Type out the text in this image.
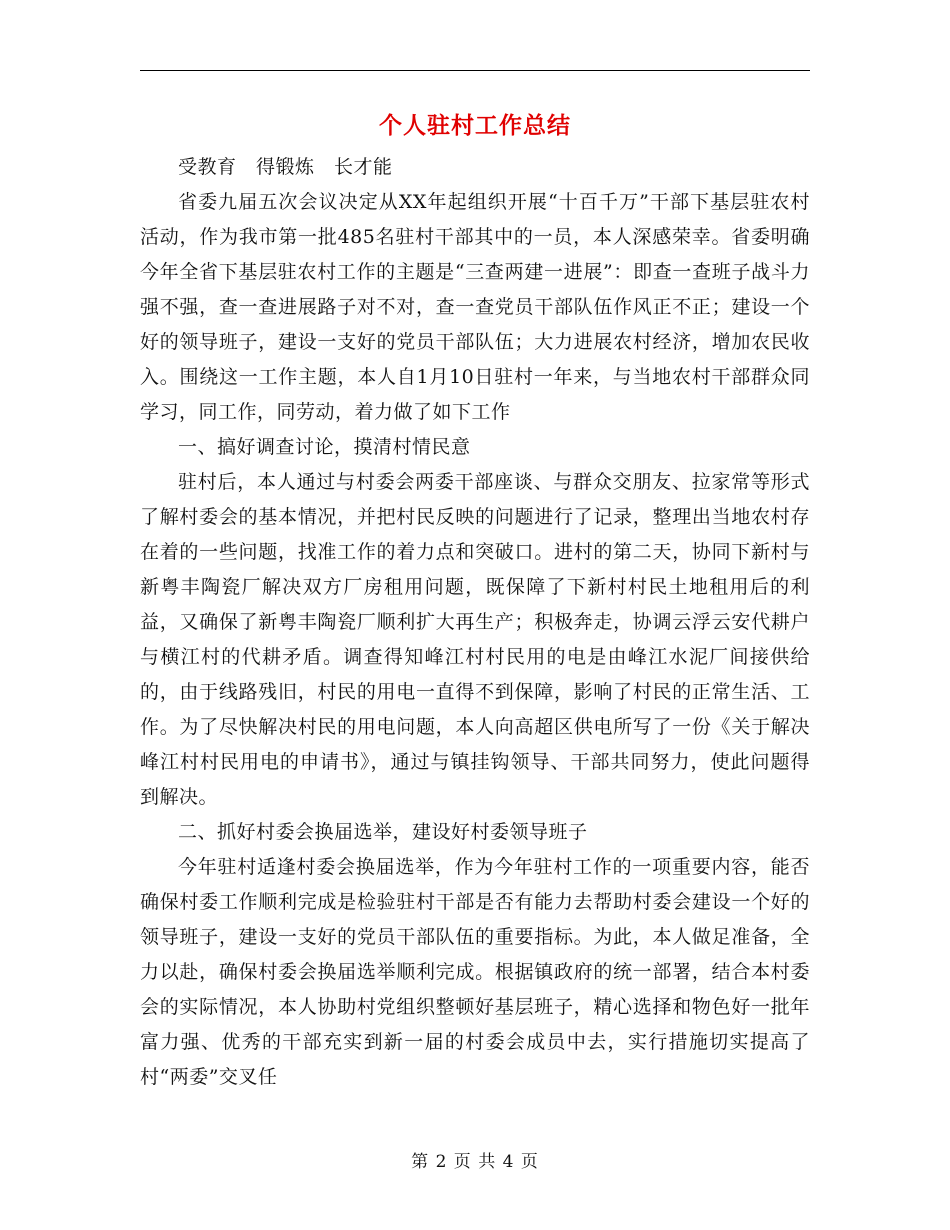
个人驻村工作总结

受教育　得锻炼　长才能

省委九届五次会议决定从XX年起组织开展“十百千万”干部下基层驻农村活动，作为我市第一批485名驻村干部其中的一员，本人深感荣幸。省委明确今年全省下基层驻农村工作的主题是“三查两建一进展”：即查一查班子战斗力强不强，查一查进展路子对不对，查一查党员干部队伍作风正不正；建设一个好的领导班子，建设一支好的党员干部队伍；大力进展农村经济，增加农民收入。围绕这一工作主题，本人自1月10日驻村一年来，与当地农村干部群众同学习，同工作，同劳动，着力做了如下工作

一、搞好调查讨论，摸清村情民意

驻村后，本人通过与村委会两委干部座谈、与群众交朋友、拉家常等形式了解村委会的基本情况，并把村民反映的问题进行了记录，整理出当地农村存在着的一些问题，找准工作的着力点和突破口。进村的第二天，协同下新村与新粤丰陶瓷厂解决双方厂房租用问题，既保障了下新村村民土地租用后的利益，又确保了新粤丰陶瓷厂顺利扩大再生产；积极奔走，协调云浮云安代耕户与横江村的代耕矛盾。调查得知峰江村村民用的电是由峰江水泥厂间接供给的，由于线路残旧，村民的用电一直得不到保障，影响了村民的正常生活、工作。为了尽快解决村民的用电问题，本人向高超区供电所写了一份《关于解决峰江村村民用电的申请书》，通过与镇挂钩领导、干部共同努力，使此问题得到解决。

二、抓好村委会换届选举，建设好村委领导班子

今年驻村适逢村委会换届选举，作为今年驻村工作的一项重要内容，能否确保村委工作顺利完成是检验驻村干部是否有能力去帮助村委会建设一个好的领导班子，建设一支好的党员干部队伍的重要指标。为此，本人做足准备，全力以赴，确保村委会换届选举顺利完成。根据镇政府的统一部署，结合本村委会的实际情况，本人协助村党组织整顿好基层班子，精心选择和物色好一批年富力强、优秀的干部充实到新一届的村委会成员中去，实行措施切实提高了村“两委”交叉任

第 2 页 共 4 页
